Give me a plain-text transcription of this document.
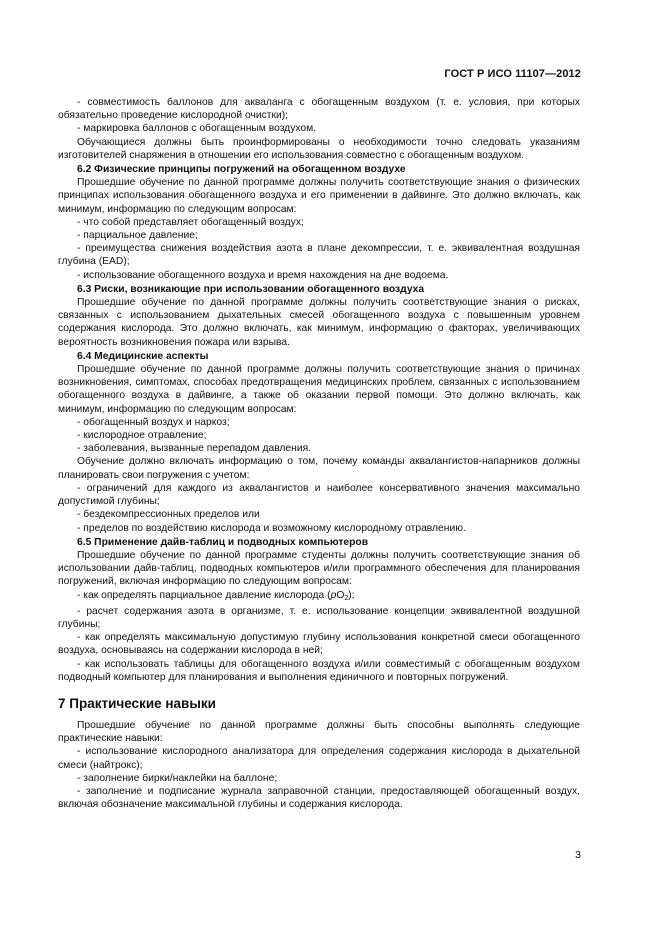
ГОСТ Р ИСО 11107—2012

- совместимость баллонов для акваланга с обогащенным воздухом (т. е. условия, при которых обязательно проведение кислородной очистки);

- маркировка баллонов с обогащенным воздухом.

Обучающиеся должны быть проинформированы о необходимости точно следовать указаниям изготовителей снаряжения в отношении его использования совместно с обогащенным воздухом.

6.2 Физические принципы погружений на обогащенном воздухе

Прошедшие обучение по данной программе должны получить соответствующие знания о физических принципах использования обогащенного воздуха и его применении в дайвинге. Это должно включать, как минимум, информацию по следующим вопросам:

- что собой представляет обогащенный воздух;

- парциальное давление;

- преимущества снижения воздействия азота в плане декомпрессии, т. е. эквивалентная воздушная глубина (EAD);

- использование обогащенного воздуха и время нахождения на дне водоема.

6.3 Риски, возникающие при использовании обогащенного воздуха

Прошедшие обучение по данной программе должны получить соответствующие знания о рисках, связанных с использованием дыхательных смесей обогащенного воздуха с повышенным уровнем содержания кислорода. Это должно включать, как минимум, информацию о факторах, увеличивающих вероятность возникновения пожара или взрыва.

6.4 Медицинские аспекты

Прошедшие обучение по данной программе должны получить соответствующие знания о причинах возникновения, симптомах, способах предотвращения медицинских проблем, связанных с использованием обогащенного воздуха в дайвинге, а также об оказании первой помощи. Это должно включать, как минимум, информацию по следующим вопросам:

- обогащенный воздух и наркоз;

- кислородное отравление;

- заболевания, вызванные перепадом давления.

Обучение должно включать информацию о том, почему команды аквалангистов-напарников должны планировать свои погружения с учетом:

- ограничений для каждого из аквалангистов и наиболее консервативного значения максимально допустимой глубины;

- бездекомпрессионных пределов или

- пределов по воздействию кислорода и возможному кислородному отравлению.

6.5 Применение дайв-таблиц и подводных компьютеров

Прошедшие обучение по данной программе студенты должны получить соответствующие знания об использовании дайв-таблиц, подводных компьютеров и/или программного обеспечения для планирования погружений, включая информацию по следующим вопросам:

- как определять парциальное давление кислорода $(pO_2)$;

- расчет содержания азота в организме, т. е. использование концепции эквивалентной воздушной глубины;

- как определять максимальную допустимую глубину использования конкретной смеси обогащенного воздуха, основываясь на содержании кислорода в ней;

- как использовать таблицы для обогащенного воздуха и/или совместимый с обогащенным воздухом подводный компьютер для планирования и выполнения единичного и повторных погружений.

7 Практические навыки

Прошедшие обучение по данной программе должны быть способны выполнять следующие практические навыки:

- использование кислородного анализатора для определения содержания кислорода в дыхательной смеси (найтрокс);

- заполнение бирки/наклейки на баллоне;

- заполнение и подписание журнала заправочной станции, предоставляющей обогащенный воздух, включая обозначение максимальной глубины и содержания кислорода.

3
